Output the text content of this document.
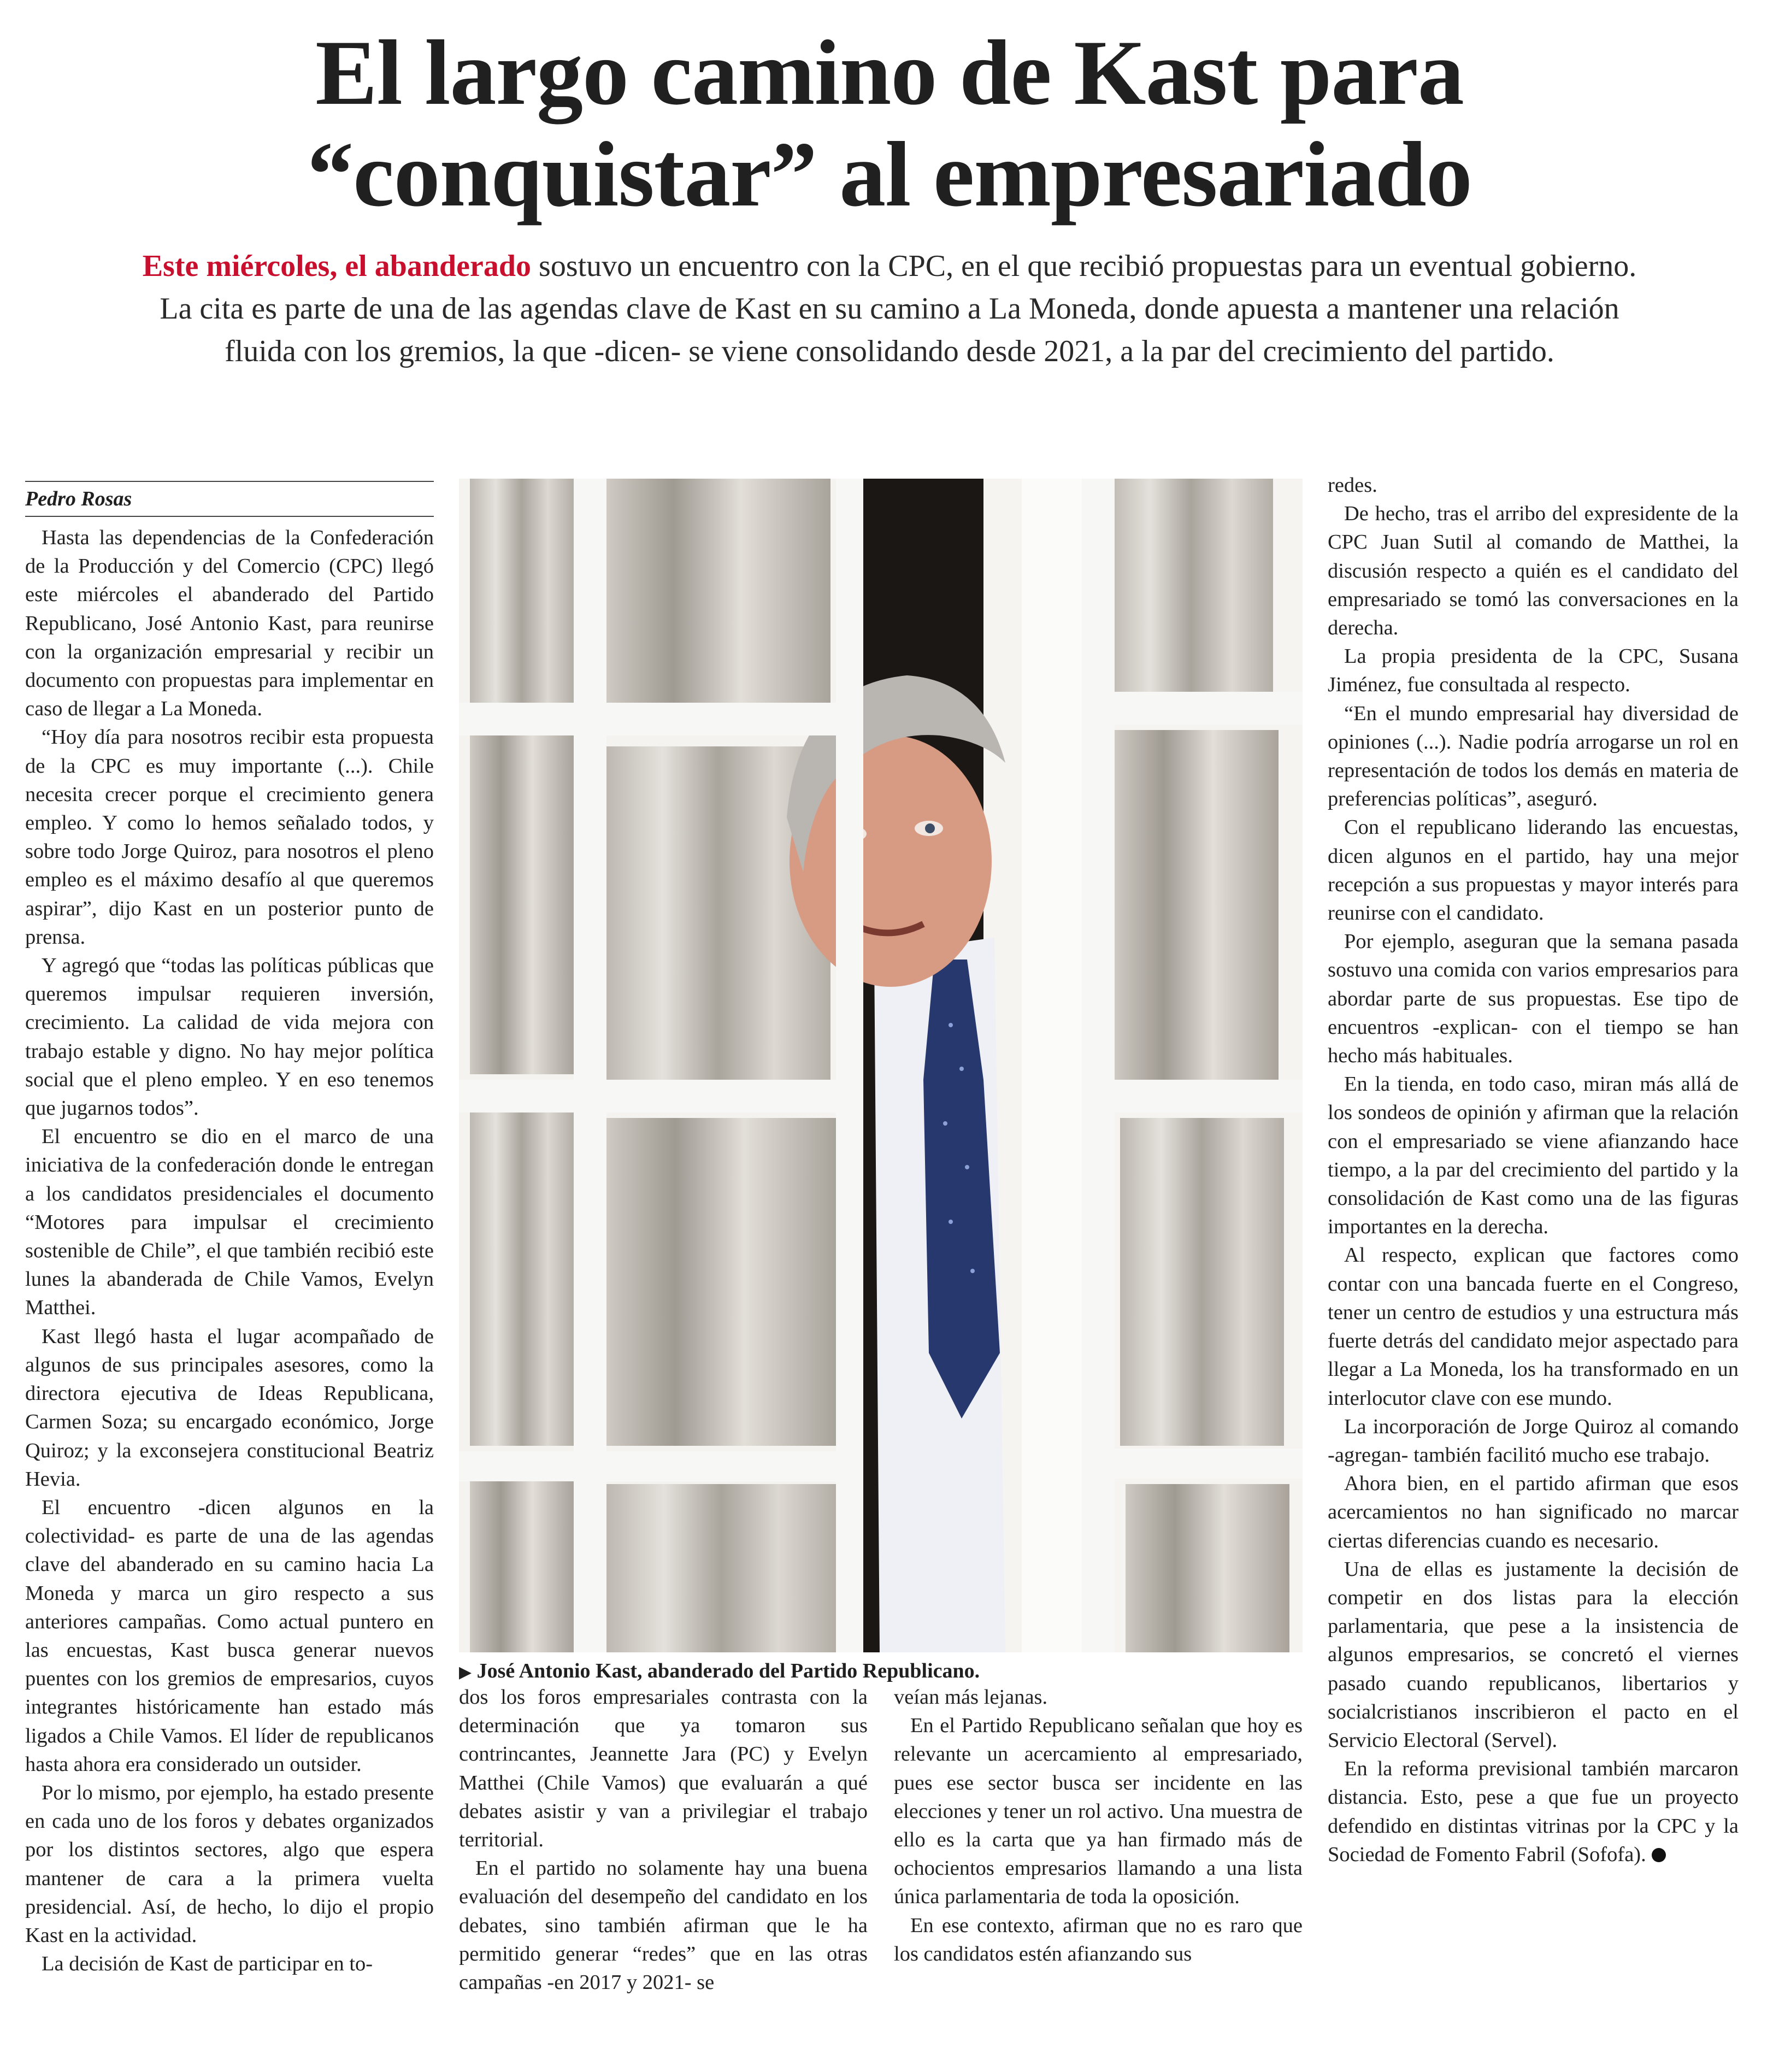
El largo camino de Kast para
“conquistar” al empresariado
Este miércoles, el abanderado sostuvo un encuentro con la CPC, en el que recibió propuestas para un eventual gobierno.
La cita es parte de una de las agendas clave de Kast en su camino a La Moneda, donde apuesta a mantener una relación
fluida con los gremios, la que -dicen- se viene consolidando desde 2021, a la par del crecimiento del partido.
Pedro Rosas

Hasta las dependencias de la Confederación de la Producción y del Comercio (CPC) llegó este miércoles el abanderado del Partido Republicano, José Antonio Kast, para reunirse con la organización empresarial y recibir un documento con propuestas para implementar en caso de llegar a La Moneda.

“Hoy día para nosotros recibir esta propuesta de la CPC es muy importante (...). Chile necesita crecer porque el crecimiento genera empleo. Y como lo hemos señalado todos, y sobre todo Jorge Quiroz, para nosotros el pleno empleo es el máximo desafío al que queremos aspirar”, dijo Kast en un posterior punto de prensa.

Y agregó que “todas las políticas públicas que queremos impulsar requieren inversión, crecimiento. La calidad de vida mejora con trabajo estable y digno. No hay mejor política social que el pleno empleo. Y en eso tenemos que jugarnos todos”.

El encuentro se dio en el marco de una iniciativa de la confederación donde le entregan a los candidatos presidenciales el documento “Motores para impulsar el crecimiento sostenible de Chile”, el que también recibió este lunes la abanderada de Chile Vamos, Evelyn Matthei.

Kast llegó hasta el lugar acompañado de algunos de sus principales asesores, como la directora ejecutiva de Ideas Republicana, Carmen Soza; su encargado económico, Jorge Quiroz; y la exconsejera constitucional Beatriz Hevia.

El encuentro -dicen algunos en la colectividad- es parte de una de las agendas clave del abanderado en su camino hacia La Moneda y marca un giro respecto a sus anteriores campañas. Como actual puntero en las encuestas, Kast busca generar nuevos puentes con los gremios de empresarios, cuyos integrantes históricamente han estado más ligados a Chile Vamos. El líder de republicanos hasta ahora era considerado un outsider.

Por lo mismo, por ejemplo, ha estado presente en cada uno de los foros y debates organizados por los distintos sectores, algo que espera mantener de cara a la primera vuelta presidencial. Así, de hecho, lo dijo el propio Kast en la actividad.

La decisión de Kast de participar en to-

▶ José Antonio Kast, abanderado del Partido Republicano.

dos los foros empresariales contrasta con la determinación que ya tomaron sus contrincantes, Jeannette Jara (PC) y Evelyn Matthei (Chile Vamos) que evaluarán a qué debates asistir y van a privilegiar el trabajo territorial.

En el partido no solamente hay una buena evaluación del desempeño del candidato en los debates, sino también afirman que le ha permitido generar “redes” que en las otras campañas -en 2017 y 2021- se

veían más lejanas.

En el Partido Republicano señalan que hoy es relevante un acercamiento al empresariado, pues ese sector busca ser incidente en las elecciones y tener un rol activo. Una muestra de ello es la carta que ya han firmado más de ochocientos empresarios llamando a una lista única parlamentaria de toda la oposición.

En ese contexto, afirman que no es raro que los candidatos estén afianzando sus

redes.

De hecho, tras el arribo del expresidente de la CPC Juan Sutil al comando de Matthei, la discusión respecto a quién es el candidato del empresariado se tomó las conversaciones en la derecha.

La propia presidenta de la CPC, Susana Jiménez, fue consultada al respecto.

“En el mundo empresarial hay diversidad de opiniones (...). Nadie podría arrogarse un rol en representación de todos los demás en materia de preferencias políticas”, aseguró.

Con el republicano liderando las encuestas, dicen algunos en el partido, hay una mejor recepción a sus propuestas y mayor interés para reunirse con el candidato.

Por ejemplo, aseguran que la semana pasada sostuvo una comida con varios empresarios para abordar parte de sus propuestas. Ese tipo de encuentros -explican- con el tiempo se han hecho más habituales.

En la tienda, en todo caso, miran más allá de los sondeos de opinión y afirman que la relación con el empresariado se viene afianzando hace tiempo, a la par del crecimiento del partido y la consolidación de Kast como una de las figuras importantes en la derecha.

Al respecto, explican que factores como contar con una bancada fuerte en el Congreso, tener un centro de estudios y una estructura más fuerte detrás del candidato mejor aspectado para llegar a La Moneda, los ha transformado en un interlocutor clave con ese mundo.

La incorporación de Jorge Quiroz al comando -agregan- también facilitó mucho ese trabajo.

Ahora bien, en el partido afirman que esos acercamientos no han significado no marcar ciertas diferencias cuando es necesario.

Una de ellas es justamente la decisión de competir en dos listas para la elección parlamentaria, que pese a la insistencia de algunos empresarios, se concretó el viernes pasado cuando republicanos, libertarios y socialcristianos inscribieron el pacto en el Servicio Electoral (Servel).

En la reforma previsional también marcaron distancia. Esto, pese a que fue un proyecto defendido en distintas vitrinas por la CPC y la Sociedad de Fomento Fabril (Sofofa).
